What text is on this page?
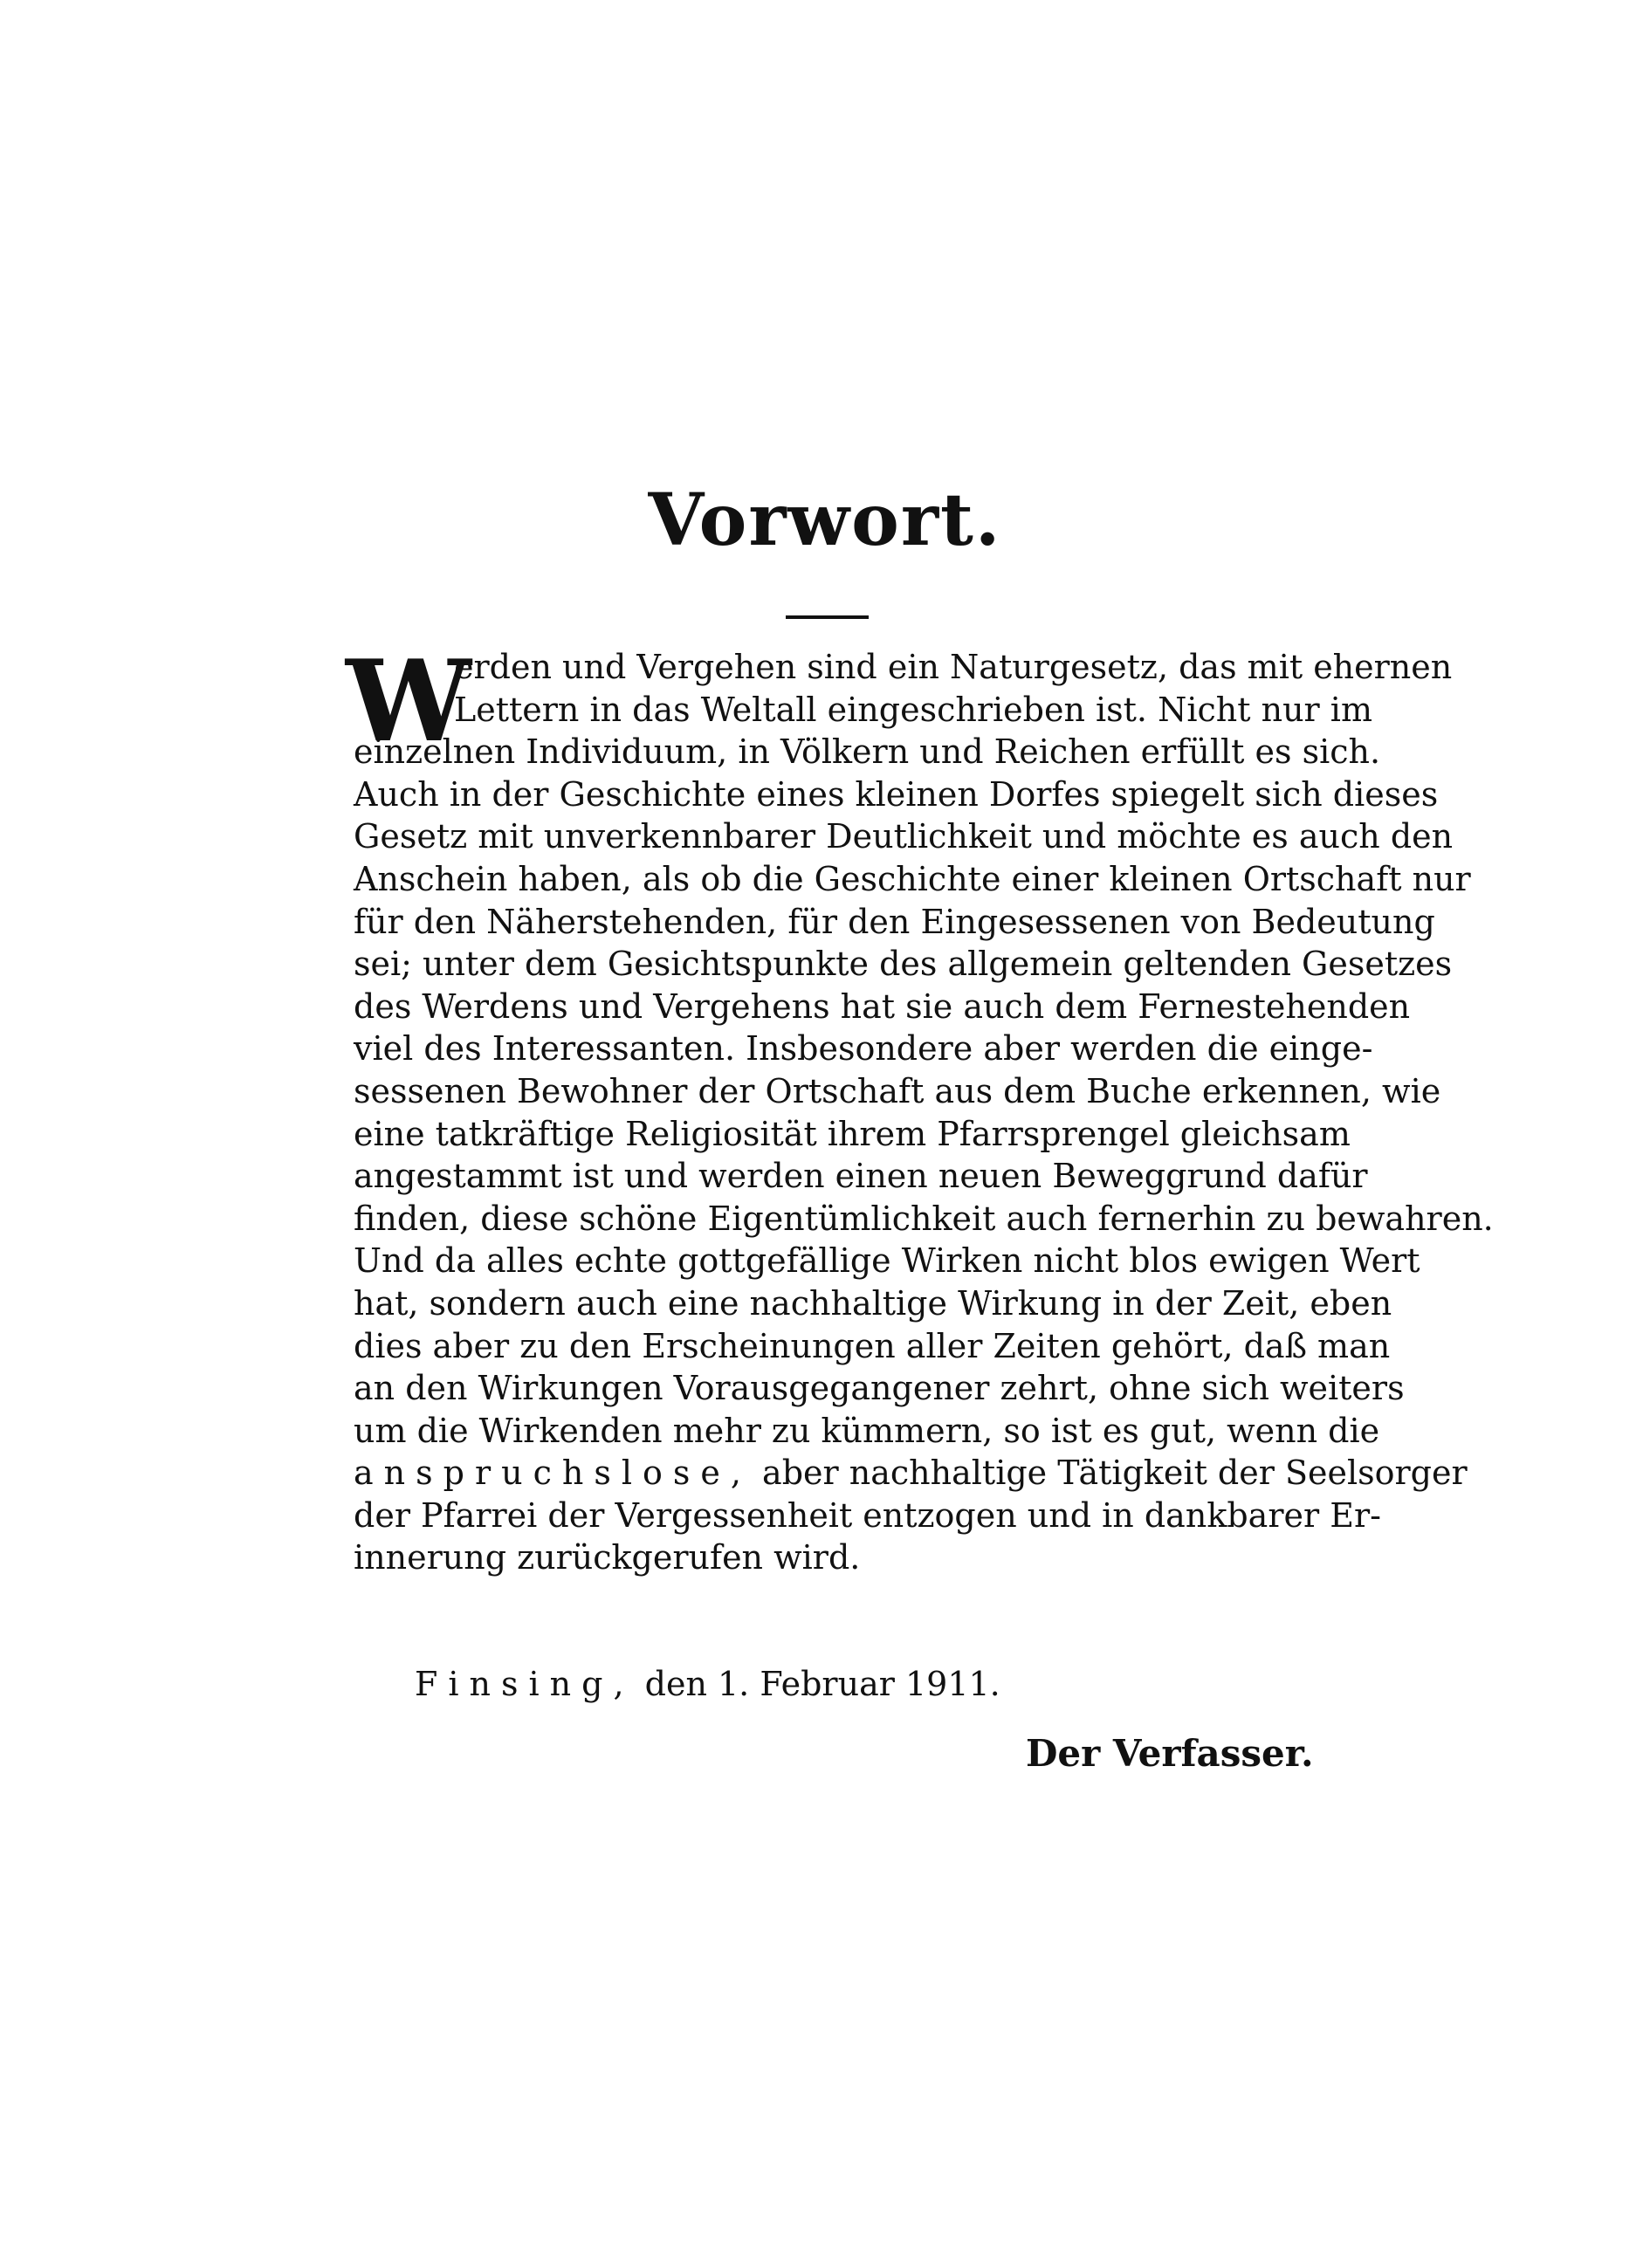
Vorwort.
W
erden und Vergehen sind ein Naturgesetz, das mit ehernen
Lettern in das Weltall eingeschrieben ist. Nicht nur im
einzelnen Individuum, in Völkern und Reichen erfüllt es sich.
Auch in der Geschichte eines kleinen Dorfes spiegelt sich dieses
Gesetz mit unverkennbarer Deutlichkeit und möchte es auch den
Anschein haben, als ob die Geschichte einer kleinen Ortschaft nur
für den Näherstehenden, für den Eingesessenen von Bedeutung
sei; unter dem Gesichtspunkte des allgemein geltenden Gesetzes
des Werdens und Vergehens hat sie auch dem Fernestehenden
viel des Interessanten. Insbesondere aber werden die einge-
sessenen Bewohner der Ortschaft aus dem Buche erkennen, wie
eine tatkräftige Religiosität ihrem Pfarrsprengel gleichsam
angestammt ist und werden einen neuen Beweggrund dafür
finden, diese schöne Eigentümlichkeit auch fernerhin zu bewahren.
Und da alles echte gottgefällige Wirken nicht blos ewigen Wert
hat, sondern auch eine nachhaltige Wirkung in der Zeit, eben
dies aber zu den Erscheinungen aller Zeiten gehört, daß man
an den Wirkungen Vorausgegangener zehrt, ohne sich weiters
um die Wirkenden mehr zu kümmern, so ist es gut, wenn die
anspruchslose, aber nachhaltige Tätigkeit der Seelsorger
der Pfarrei der Vergessenheit entzogen und in dankbarer Er-
innerung zurückgerufen wird.
Finsing, den 1. Februar 1911.
Der Verfasser.
